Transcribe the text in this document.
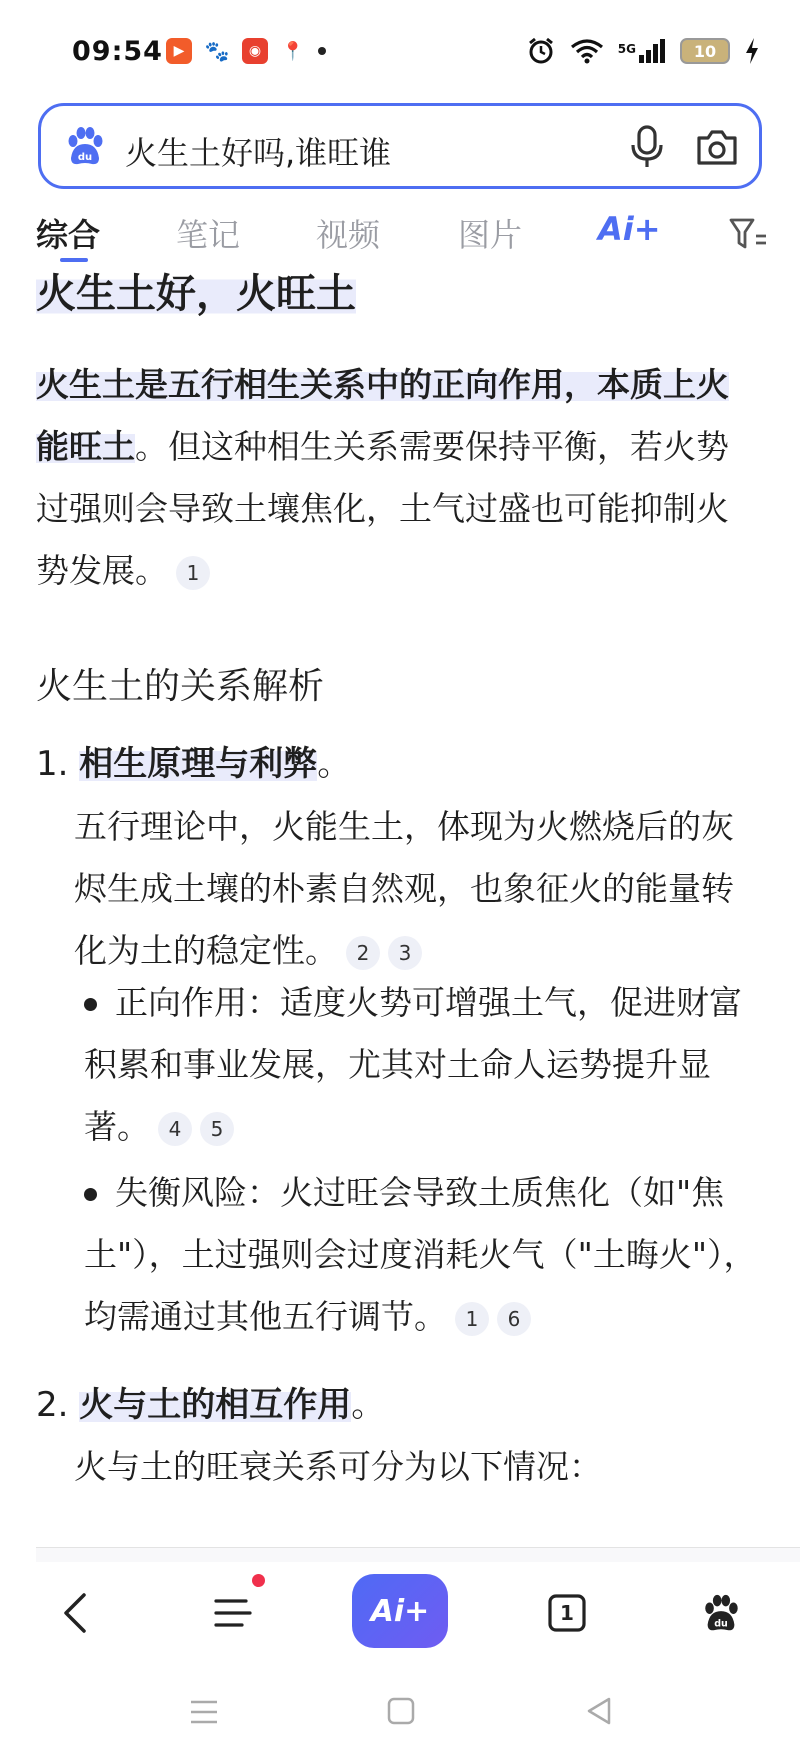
09:54 ▶	🐾	◉	📍	5G	10
du 火生土好吗,谁旺谁
综合 笔记 视频 图片 Ai+
火生土好，火旺土
火生土是五行相生关系中的正向作用，本质上火能旺土。但这种相生关系需要保持平衡，若火势过强则会导致土壤焦化，土气过盛也可能抑制火势发展。 1
火生土的关系解析
1. 相生原理与利弊。
五行理论中，火能生土，体现为火燃烧后的灰烬生成土壤的朴素自然观，也象征火的能量转化为土的稳定性。 2 3
正向作用：适度火势可增强土气，促进财富积累和事业发展，尤其对土命人运势提升显著。 4 5
失衡风险：火过旺会导致土质焦化（如"焦土"），土过强则会过度消耗火气（"土晦火"），均需通过其他五行调节。 1 6
2. 火与土的相互作用。
火与土的旺衰关系可分为以下情况：
Ai+	1	du
